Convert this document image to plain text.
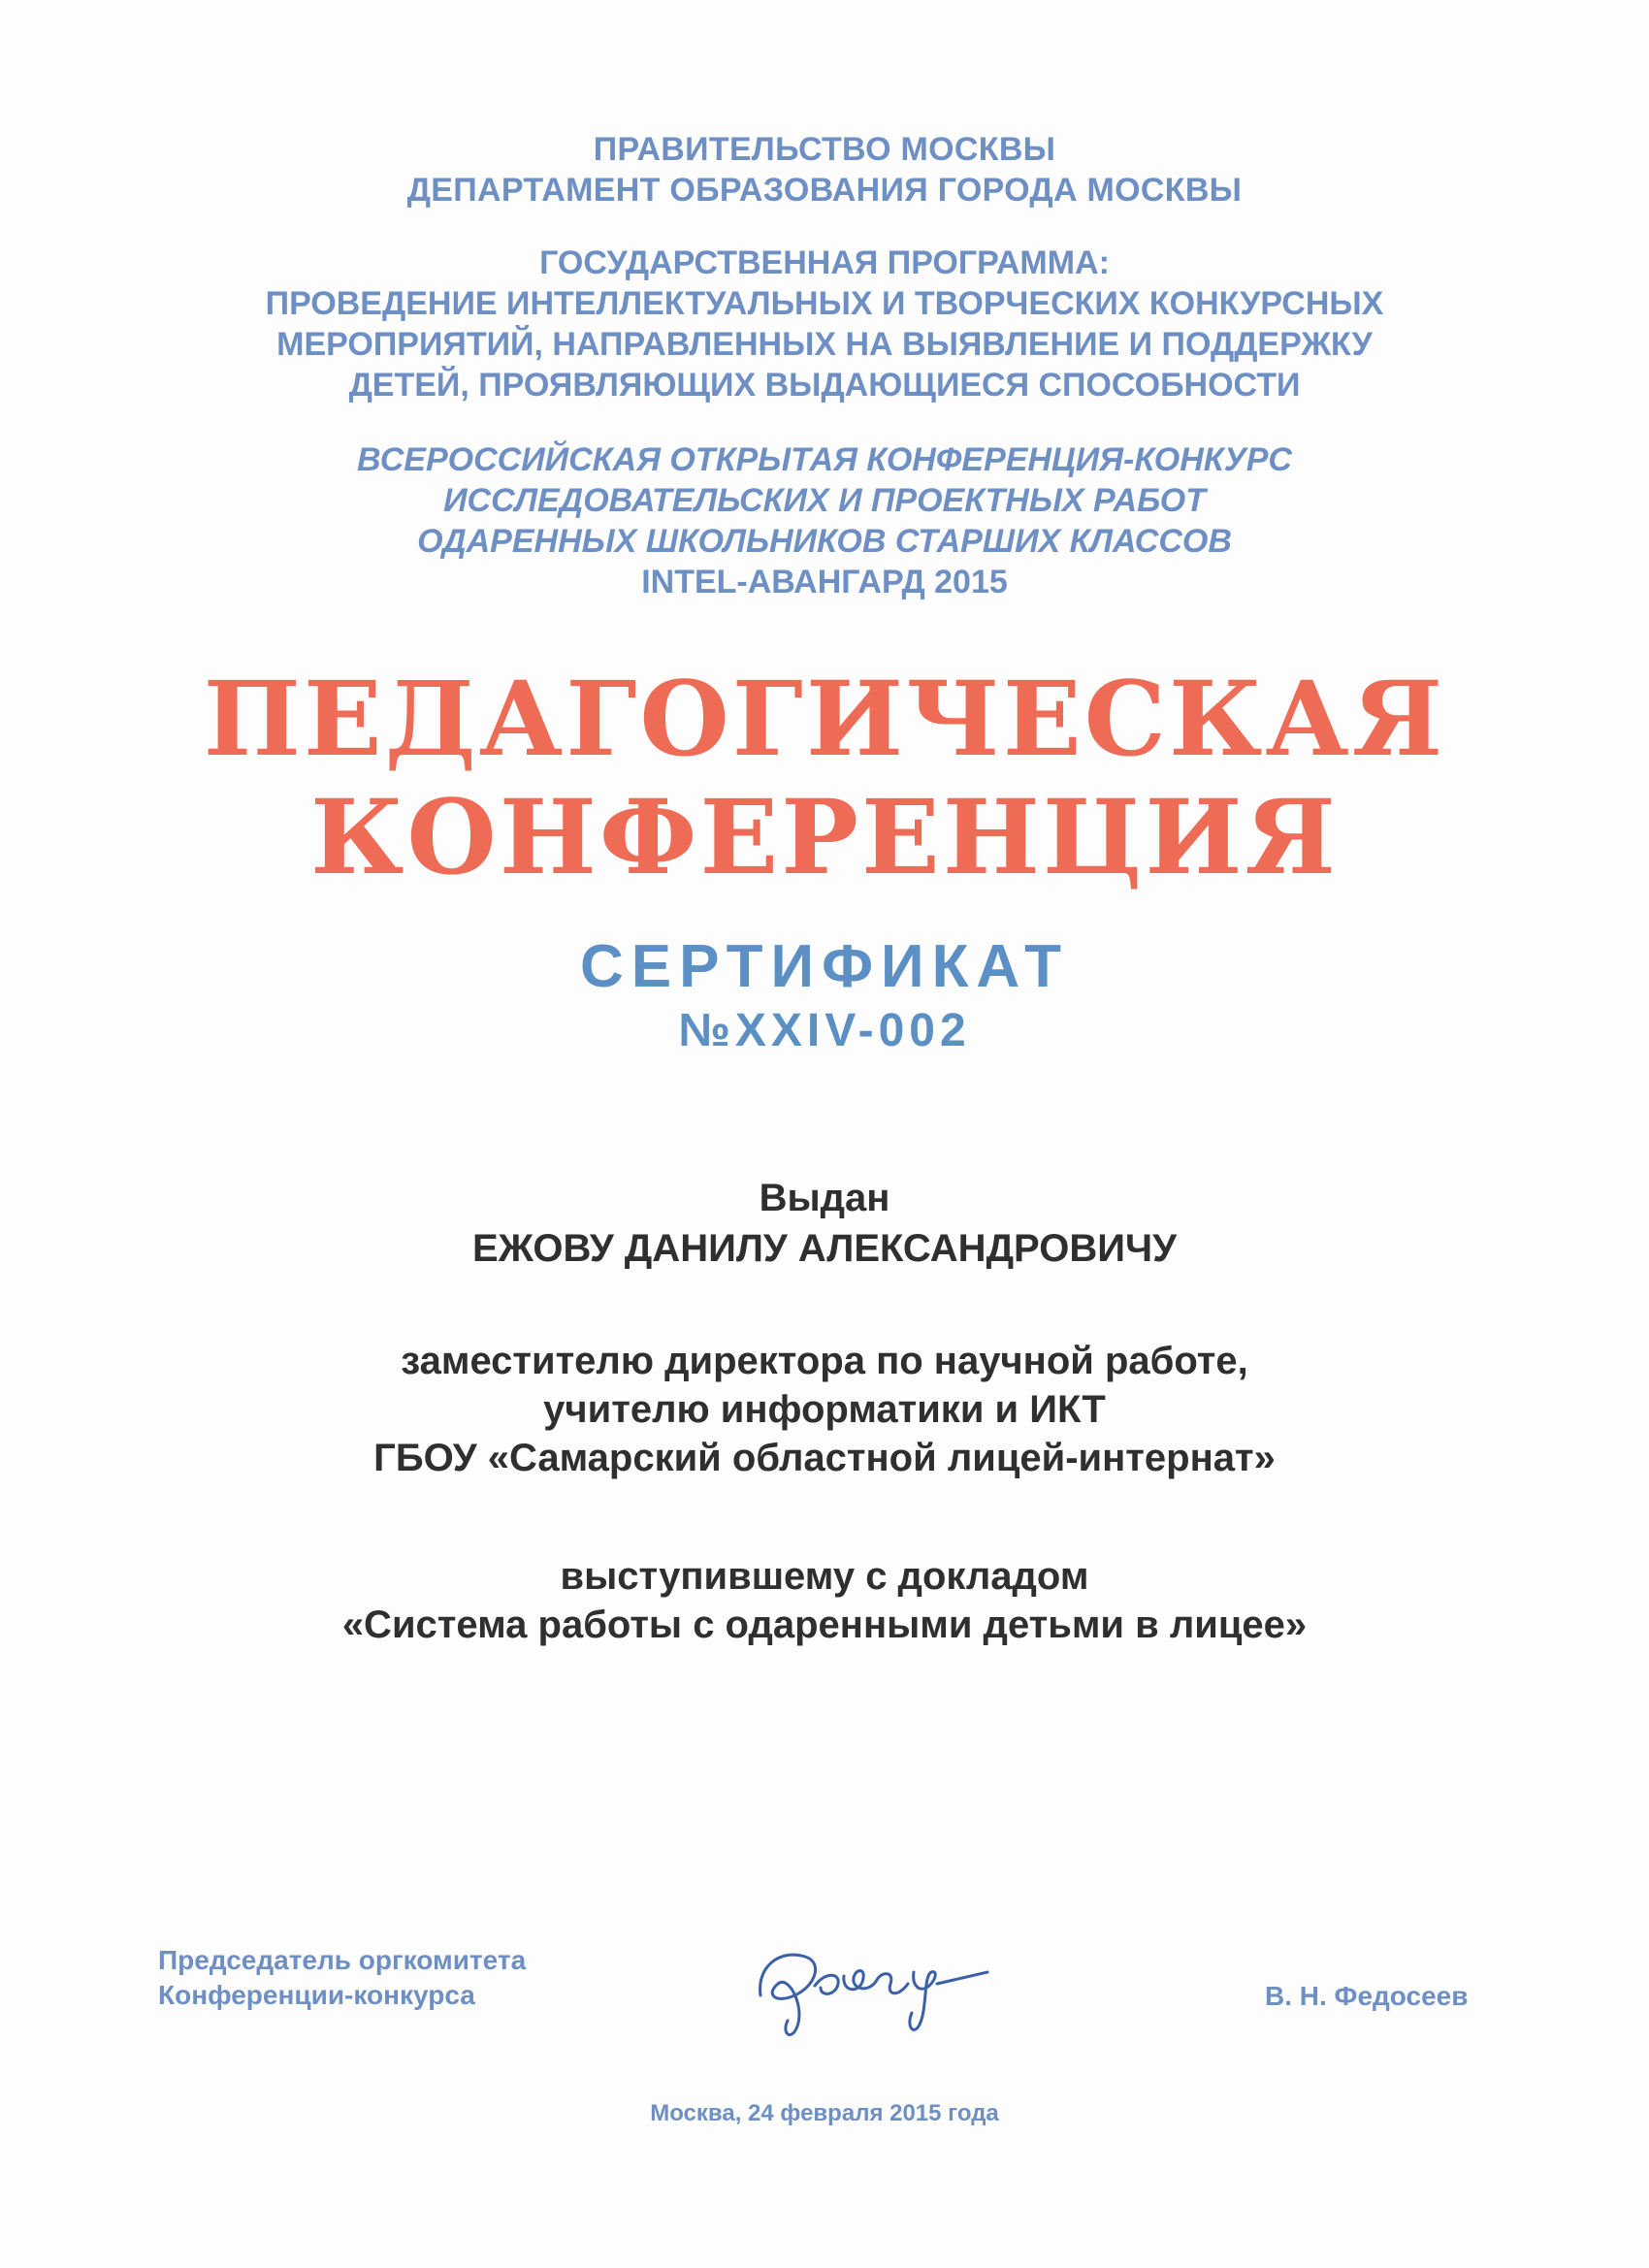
ПРАВИТЕЛЬСТВО МОСКВЫ
ДЕПАРТАМЕНТ ОБРАЗОВАНИЯ ГОРОДА МОСКВЫ
ГОСУДАРСТВЕННАЯ ПРОГРАММА:
ПРОВЕДЕНИЕ ИНТЕЛЛЕКТУАЛЬНЫХ И ТВОРЧЕСКИХ КОНКУРСНЫХ
МЕРОПРИЯТИЙ, НАПРАВЛЕННЫХ НА ВЫЯВЛЕНИЕ И ПОДДЕРЖКУ
ДЕТЕЙ, ПРОЯВЛЯЮЩИХ ВЫДАЮЩИЕСЯ СПОСОБНОСТИ
ВСЕРОССИЙСКАЯ ОТКРЫТАЯ КОНФЕРЕНЦИЯ-КОНКУРС
ИССЛЕДОВАТЕЛЬСКИХ И ПРОЕКТНЫХ РАБОТ
ОДАРЕННЫХ ШКОЛЬНИКОВ СТАРШИХ КЛАССОВ
INTEL-АВАНГАРД 2015
ПЕДАГОГИЧЕСКАЯ
КОНФЕРЕНЦИЯ
СЕРТИФИКАТ
№XXIV-002
Выдан
ЕЖОВУ ДАНИЛУ АЛЕКСАНДРОВИЧУ
заместителю директора по научной работе,
учителю информатики и ИКТ
ГБОУ «Самарский областной лицей-интернат»
выступившему с докладом
«Система работы с одаренными детьми в лицее»
Председатель оргкомитета
Конференции-конкурса	В. Н. Федосеев
Москва, 24 февраля 2015 года
